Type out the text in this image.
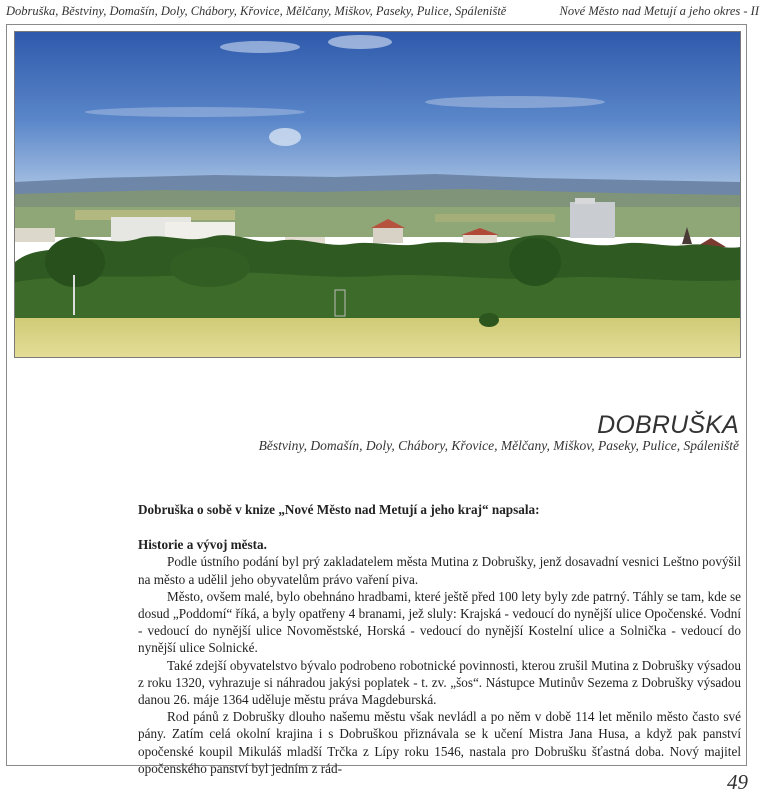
Dobruška, Běstviny, Domašín, Doly, Chábory, Křovice, Mělčany, Miškov, Paseky, Pulice, Spáleniště	Nové Město nad Metují a jeho okres - II
DOBRUŠKA
Běstviny, Domašín, Doly, Chábory, Křovice, Mělčany, Miškov, Paseky, Pulice, Spáleniště

Dobruška o sobě v knize „Nové Město nad Metují a jeho kraj“ napsala:

Historie a vývoj města.

Podle ústního podání byl prý zakladatelem města Mutina z Dobrušky, jenž dosavadní vesnici Leštno povýšil na město a udělil jeho obyvatelům právo vaření piva.

Město, ovšem malé, bylo obehnáno hradbami, které ještě před 100 lety byly zde patrný. Táhly se tam, kde se dosud „Poddomí“ říká, a byly opatřeny 4 branami, jež sluly: Krajská - vedoucí do nynější ulice Opočenské. Vodní - vedoucí do nynější ulice Novoměstské, Horská - vedoucí do nynější Kostelní ulice a Solnička - vedoucí do nynější ulice Solnické.

Také zdejší obyvatelstvo bývalo podrobeno robotnické povinnosti, kterou zrušil Mutina z Dobrušky výsadou z roku 1320, vyhrazuje si náhradou jakýsi poplatek - t. zv. „šos“. Nástupce Mutinův Sezema z Dobrušky výsadou danou 26. máje 1364 uděluje městu práva Magdeburská.

Rod pánů z Dobrušky dlouho našemu městu však nevládl a po něm v době 114 let měnilo město často své pány. Zatím celá okolní krajina i s Dobruškou přiznávala se k učení Mistra Jana Husa, a když pak panství opočenské koupil Mikuláš mladší Trčka z Lípy roku 1546, nastala pro Dobrušku šťastná doba. Nový majitel opočenského panství byl jedním z rád-

49
